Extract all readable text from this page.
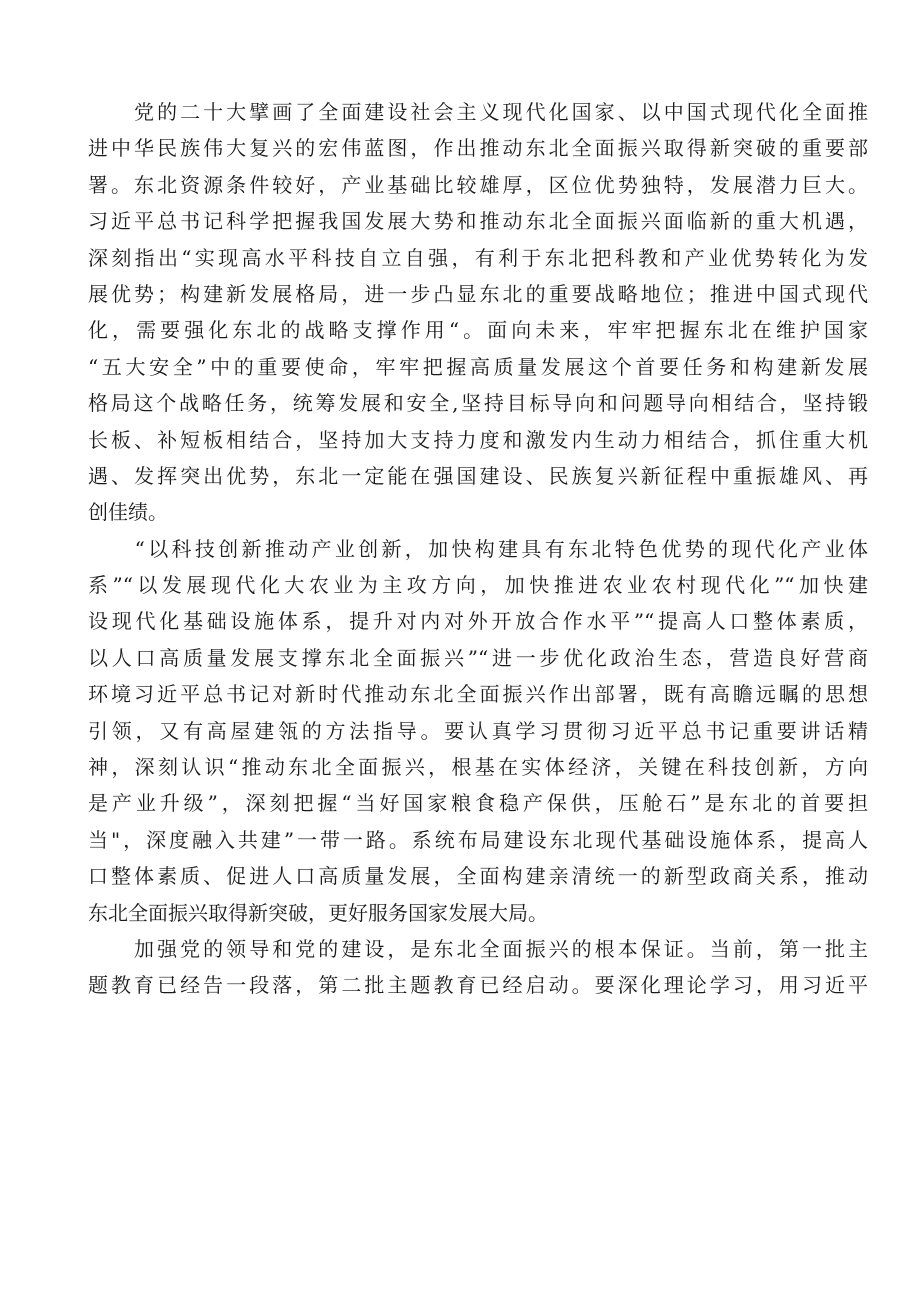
　　党的二十大擘画了全面建设社会主义现代化国家、以中国式现代化全面推
进中华民族伟大复兴的宏伟蓝图，作出推动东北全面振兴取得新突破的重要部
署。东北资源条件较好，产业基础比较雄厚，区位优势独特，发展潜力巨大。
习近平总书记科学把握我国发展大势和推动东北全面振兴面临新的重大机遇，
深刻指出“实现高水平科技自立自强，有利于东北把科教和产业优势转化为发
展优势；构建新发展格局，进一步凸显东北的重要战略地位；推进中国式现代
化，需要强化东北的战略支撑作用“。面向未来，牢牢把握东北在维护国家
“五大安全”中的重要使命，牢牢把握高质量发展这个首要任务和构建新发展
格局这个战略任务，统筹发展和安全,坚持目标导向和问题导向相结合，坚持锻
长板、补短板相结合，坚持加大支持力度和激发内生动力相结合，抓住重大机
遇、发挥突出优势，东北一定能在强国建设、民族复兴新征程中重振雄风、再
创佳绩。
　　“以科技创新推动产业创新，加快构建具有东北特色优势的现代化产业体
系”“以发展现代化大农业为主攻方向，加快推进农业农村现代化”“加快建
设现代化基础设施体系，提升对内对外开放合作水平”“提高人口整体素质，
以人口高质量发展支撑东北全面振兴”“进一步优化政治生态，营造良好营商
环境习近平总书记对新时代推动东北全面振兴作出部署，既有高瞻远瞩的思想
引领，又有高屋建瓴的方法指导。要认真学习贯彻习近平总书记重要讲话精
神，深刻认识“推动东北全面振兴，根基在实体经济，关键在科技创新，方向
是产业升级”，深刻把握“当好国家粮食稳产保供，压舱石”是东北的首要担
当"，深度融入共建”一带一路。系统布局建设东北现代基础设施体系，提高人
口整体素质、促进人口高质量发展，全面构建亲清统一的新型政商关系，推动
东北全面振兴取得新突破，更好服务国家发展大局。
　　加强党的领导和党的建设，是东北全面振兴的根本保证。当前，第一批主
题教育已经告一段落，第二批主题教育已经启动。要深化理论学习，用习近平
